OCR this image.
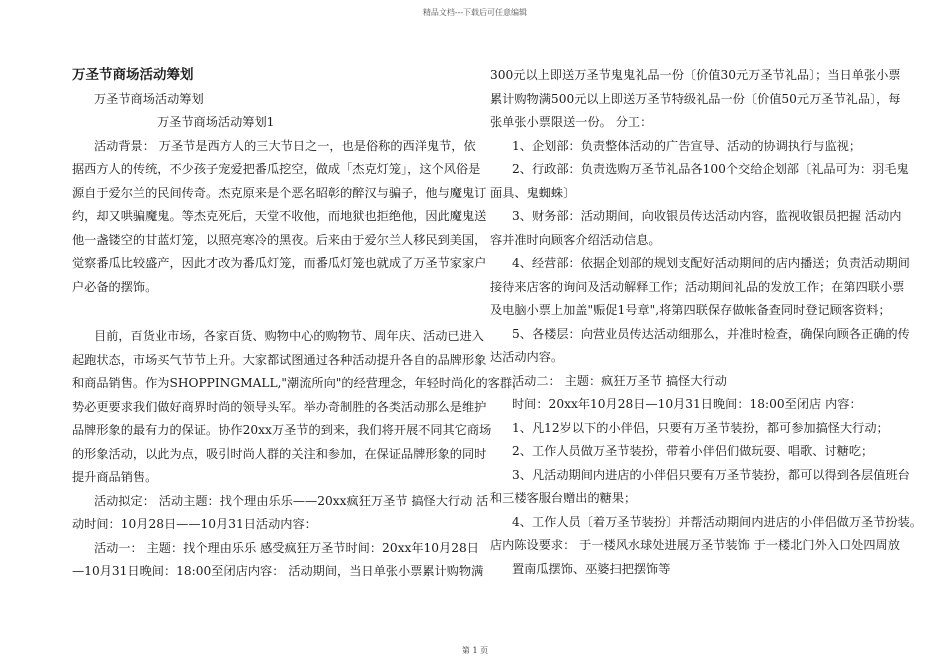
精品文档---下载后可任意编辑

万圣节商场活动筹划

万圣节商场活动筹划

万圣节商场活动筹划1

活动背景： 万圣节是西方人的三大节日之一，也是俗称的西洋鬼节，依

据西方人的传统，不少孩子宠爱把番瓜挖空，做成「杰克灯笼」，这个风俗是

源自于爱尔兰的民间传奇。杰克原来是个恶名昭彰的醉汉与骗子，他与魔鬼订

约，却又哄骗魔鬼。等杰克死后，天堂不收他，而地狱也拒绝他，因此魔鬼送

他一盏镂空的甘蓝灯笼，以照亮寒冷的黑夜。后来由于爱尔兰人移民到美国，

觉察番瓜比较盛产，因此才改为番瓜灯笼，而番瓜灯笼也就成了万圣节家家户

户必备的摆饰。

目前，百货业市场，各家百货、购物中心的购物节、周年庆、活动已进入

起跑状态，市场买气节节上升。大家都试图通过各种活动提升各自的品牌形象

和商品销售。作为SHOPPINGMALL,"潮流所向"的经营理念，年轻时尚化的客群，

势必更要求我们做好商界时尚的领导头军。举办奇制胜的各类活动那么是维护

品牌形象的最有力的保证。协作20xx万圣节的到来，我们将开展不同其它商场

的形象活动，以此为点，吸引时尚人群的关注和参加，在保证品牌形象的同时

提升商品销售。

活动拟定： 活动主题：找个理由乐乐——20xx疯狂万圣节 搞怪大行动 活

动时间：10月28日——10月31日活动内容：

活动一： 主题：找个理由乐乐 感受疯狂万圣节时间：20xx年10月28日

—10月31日晚间：18:00至闭店内容： 活动期间，当日单张小票累计购物满

300元以上即送万圣节鬼鬼礼品一份〔价值30元万圣节礼品〕；当日单张小票

累计购物满500元以上即送万圣节特级礼品一份〔价值50元万圣节礼品〕，每

张单张小票限送一份。 分工：

1、企划部：负责整体活动的广告宣导、活动的协调执行与监视；

2、行政部：负责选购万圣节礼品各100个交给企划部〔礼品可为：羽毛鬼

面具、鬼蜘蛛〕

3、财务部：活动期间，向收银员传达活动内容，监视收银员把握 活动内

容并准时向顾客介绍活动信息。

4、经营部：依据企划部的规划支配好活动期间的店内播送；负责活动期间

接待来店客的询问及活动解释工作；活动期间礼品的发放工作；在第四联小票

及电脑小票上加盖"赈促1号章",将第四联保存做帐备查同时登记顾客资料；

5、各楼层：向营业员传达活动细那么，并准时检查，确保向顾各正确的传

达活动内容。

活动二： 主题：疯狂万圣节 搞怪大行动

时间：20xx年10月28日—10月31日晚间：18:00至闭店 内容：

1、凡12岁以下的小伴侣，只要有万圣节装扮，都可参加搞怪大行动；

2、工作人员做万圣节装扮，带着小伴侣们做玩耍、唱歌、讨糖吃；

3、凡活动期间内进店的小伴侣只要有万圣节装扮，都可以得到各层值班台

和三楼客服台赠出的糖果；

4、工作人员〔着万圣节装扮〕并帮活动期间内进店的小伴侣做万圣节扮装。

店内陈设要求： 于一楼风水球处进展万圣节装饰 于一楼北门外入口处四周放

置南瓜摆饰、巫婆扫把摆饰等

第 1 页
